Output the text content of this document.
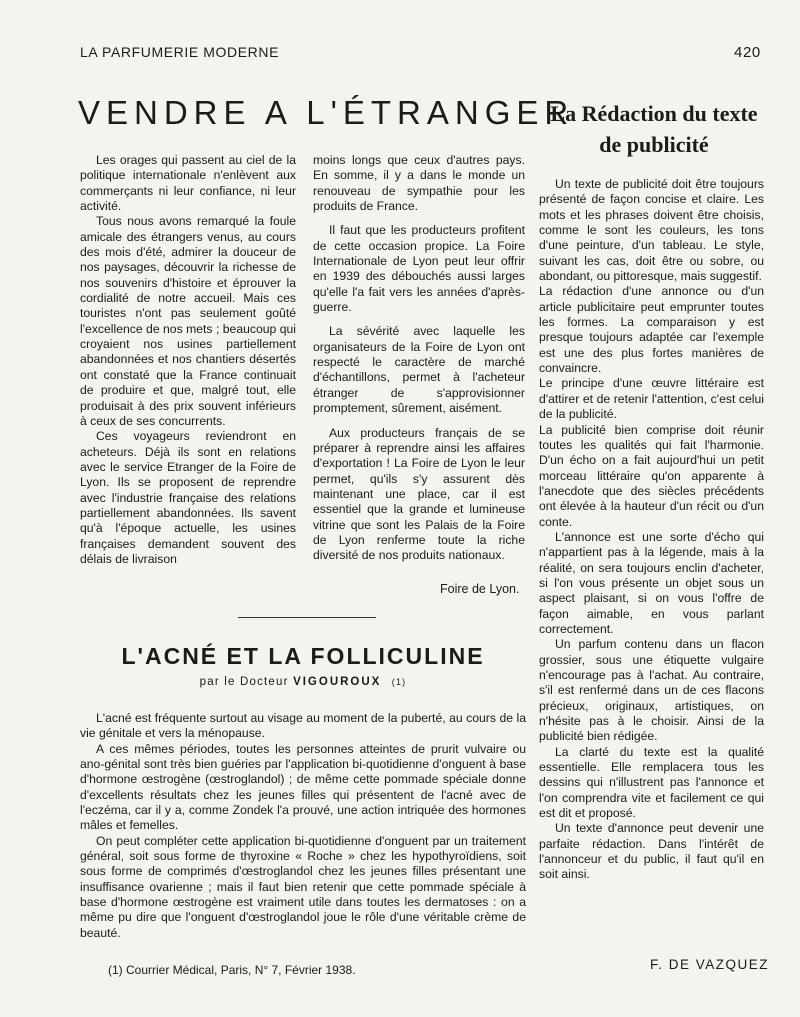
LA PARFUMERIE MODERNE	420
VENDRE A L'ÉTRANGER

Les orages qui passent au ciel de la politique internationale n'enlèvent aux commerçants ni leur confiance, ni leur activité.

Tous nous avons remarqué la foule amicale des étrangers venus, au cours des mois d'été, admirer la douceur de nos paysages, découvrir la richesse de nos souvenirs d'histoire et éprouver la cordialité de notre accueil. Mais ces touristes n'ont pas seulement goûté l'excellence de nos mets ; beaucoup qui croyaient nos usines partiellement abandonnées et nos chantiers désertés ont constaté que la France continuait de produire et que, malgré tout, elle produisait à des prix souvent inférieurs à ceux de ses concurrents.

Ces voyageurs reviendront en acheteurs. Déjà ils sont en relations avec le service Etranger de la Foire de Lyon. Ils se proposent de reprendre avec l'industrie française des relations partiellement abandonnées. Ils savent qu'à l'époque actuelle, les usines françaises demandent souvent des délais de livraison

moins longs que ceux d'autres pays. En somme, il y a dans le monde un renouveau de sympathie pour les produits de France.

Il faut que les producteurs profitent de cette occasion propice. La Foire Internationale de Lyon peut leur offrir en 1939 des débouchés aussi larges qu'elle l'a fait vers les années d'après-guerre.

La sévérité avec laquelle les organisateurs de la Foire de Lyon ont respecté le caractère de marché d'échantillons, permet à l'acheteur étranger de s'approvisionner promptement, sûrement, aisément.

Aux producteurs français de se préparer à reprendre ainsi les affaires d'exportation ! La Foire de Lyon le leur permet, qu'ils s'y assurent dès maintenant une place, car il est essentiel que la grande et lumineuse vitrine que sont les Palais de la Foire de Lyon renferme toute la riche diversité de nos produits nationaux.

Foire de Lyon.
L'ACNÉ ET LA FOLLICULINE
par le Docteur VIGOUROUX (1)

L'acné est fréquente surtout au visage au moment de la puberté, au cours de la vie génitale et vers la ménopause.

A ces mêmes périodes, toutes les personnes atteintes de prurit vulvaire ou ano-génital sont très bien guéries par l'application bi-quotidienne d'onguent à base d'hormone œstrogène (œstroglandol) ; de même cette pommade spéciale donne d'excellents résultats chez les jeunes filles qui présentent de l'acné avec de l'eczéma, car il y a, comme Zondek l'a prouvé, une action intriquée des hormones mâles et femelles.

On peut compléter cette application bi-quotidienne d'onguent par un traitement général, soit sous forme de thyroxine « Roche » chez les hypothyroïdiens, soit sous forme de comprimés d'œstroglandol chez les jeunes filles présentant une insuffisance ovarienne ; mais il faut bien retenir que cette pommade spéciale à base d'hormone œstrogène est vraiment utile dans toutes les dermatoses : on a même pu dire que l'onguent d'œstroglandol joue le rôle d'une véritable crème de beauté.

(1) Courrier Médical, Paris, N° 7, Février 1938.
La Rédaction du texte
de publicité

Un texte de publicité doit être toujours présenté de façon concise et claire. Les mots et les phrases doivent être choisis, comme le sont les couleurs, les tons d'une peinture, d'un tableau. Le style, suivant les cas, doit être ou sobre, ou abondant, ou pittoresque, mais suggestif.

La rédaction d'une annonce ou d'un article publicitaire peut emprunter toutes les formes. La comparaison y est presque toujours adaptée car l'exemple est une des plus fortes manières de convaincre.

Le principe d'une œuvre littéraire est d'attirer et de retenir l'attention, c'est celui de la publicité.

La publicité bien comprise doit réunir toutes les qualités qui fait l'harmonie. D'un écho on a fait aujourd'hui un petit morceau littéraire qu'on apparente à l'anecdote que des siècles précédents ont élevée à la hauteur d'un récit ou d'un conte.

L'annonce est une sorte d'écho qui n'appartient pas à la légende, mais à la réalité, on sera toujours enclin d'acheter, si l'on vous présente un objet sous un aspect plaisant, si on vous l'offre de façon aimable, en vous parlant correctement.

Un parfum contenu dans un flacon grossier, sous une étiquette vulgaire n'encourage pas à l'achat. Au contraire, s'il est renfermé dans un de ces flacons précieux, originaux, artistiques, on n'hésite pas à le choisir. Ainsi de la publicité bien rédigée.

La clarté du texte est la qualité essentielle. Elle remplacera tous les dessins qui n'illustrent pas l'annonce et l'on comprendra vite et facilement ce qui est dit et proposé.

Un texte d'annonce peut devenir une parfaite rédaction. Dans l'intérêt de l'annonceur et du public, il faut qu'il en soit ainsi.

F. DE VAZQUEZ
